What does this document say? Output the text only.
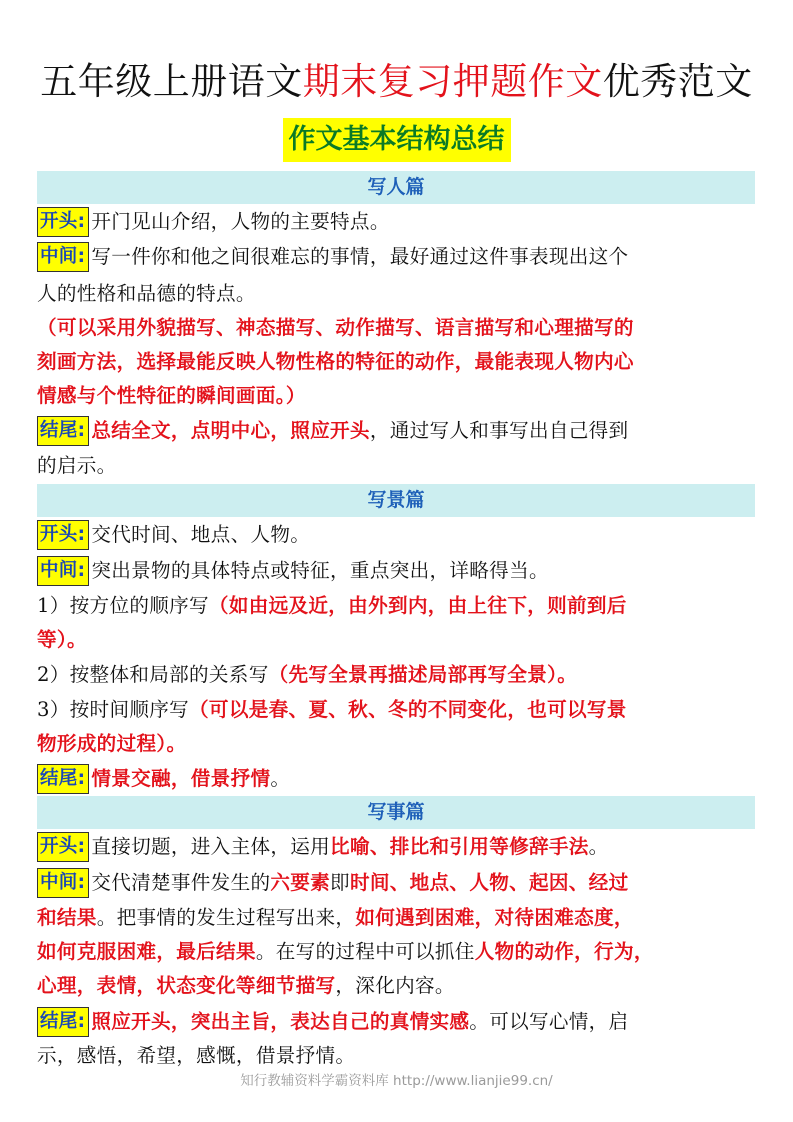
五年级上册语文期末复习押题作文优秀范文
作文基本结构总结
写人篇
开头: 开门见山介绍，人物的主要特点。
中间: 写一件你和他之间很难忘的事情，最好通过这件事表现出这个
人的性格和品德的特点。
（可以采用外貌描写、神态描写、动作描写、语言描写和心理描写的
刻画方法，选择最能反映人物性格的特征的动作，最能表现人物内心
情感与个性特征的瞬间画面。）
结尾: 总结全文，点明中心，照应开头，通过写人和事写出自己得到
的启示。
写景篇
开头: 交代时间、地点、人物。
中间: 突出景物的具体特点或特征，重点突出，详略得当。
1）按方位的顺序写（如由远及近，由外到内，由上往下，则前到后
等）。
2）按整体和局部的关系写（先写全景再描述局部再写全景）。
3）按时间顺序写（可以是春、夏、秋、冬的不同变化，也可以写景
物形成的过程）。
结尾: 情景交融，借景抒情。
写事篇
开头: 直接切题，进入主体，运用比喻、排比和引用等修辞手法。
中间: 交代清楚事件发生的六要素即时间、地点、人物、起因、经过
和结果。把事情的发生过程写出来，如何遇到困难，对待困难态度，
如何克服困难，最后结果。在写的过程中可以抓住人物的动作，行为，
心理，表情，状态变化等细节描写，深化内容。
结尾: 照应开头，突出主旨，表达自己的真情实感。可以写心情，启
示，感悟，希望，感慨，借景抒情。
知行教辅资料学霸资料库 http://www.lianjie99.cn/
